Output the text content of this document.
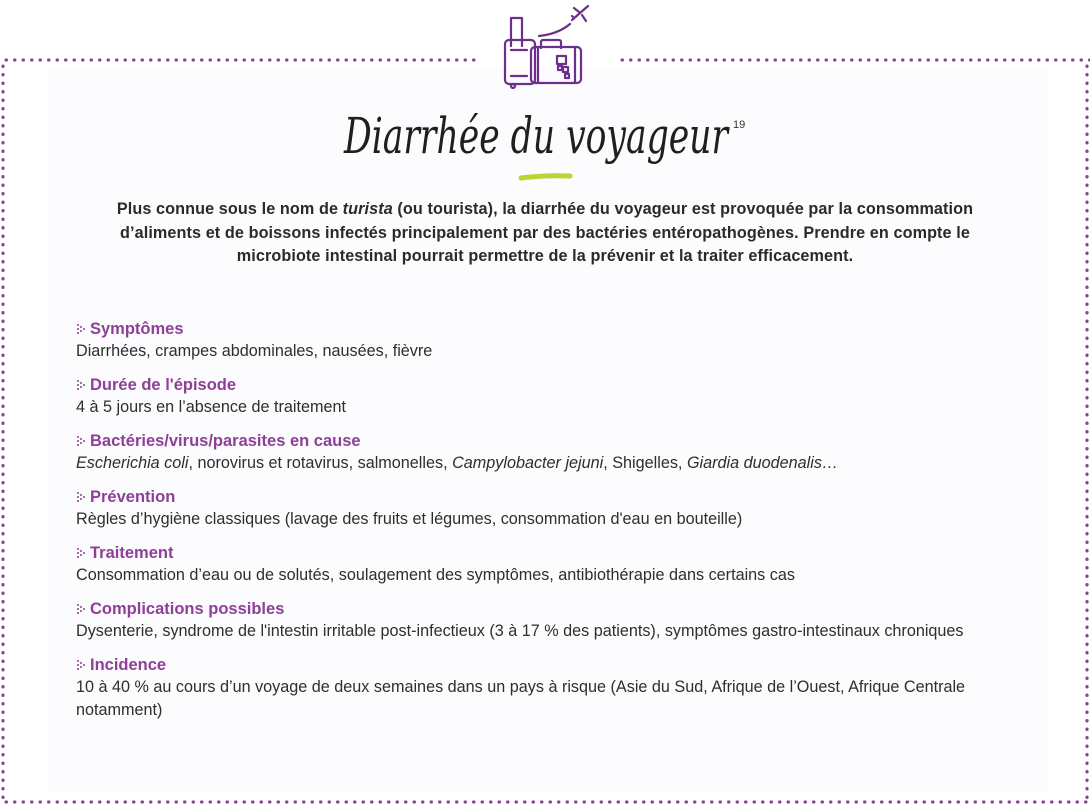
Diarrhée du voyageur 19
Plus connue sous le nom de turista (ou tourista), la diarrhée du voyageur est provoquée par la consommation d’aliments et de boissons infectés principalement par des bactéries entéropathogènes. Prendre en compte le microbiote intestinal pourrait permettre de la prévenir et la traiter efficacement.
Symptômes
Diarrhées, crampes abdominales, nausées, fièvre
Durée de l'épisode
4 à 5 jours en l’absence de traitement
Bactéries/virus/parasites en cause
Escherichia coli, norovirus et rotavirus, salmonelles, Campylobacter jejuni, Shigelles, Giardia duodenalis…
Prévention
Règles d’hygiène classiques (lavage des fruits et légumes, consommation d'eau en bouteille)
Traitement
Consommation d’eau ou de solutés, soulagement des symptômes, antibiothérapie dans certains cas
Complications possibles
Dysenterie, syndrome de l'intestin irritable post-infectieux (3 à 17 % des patients), symptômes gastro-intestinaux chroniques
Incidence
10 à 40 % au cours d’un voyage de deux semaines dans un pays à risque (Asie du Sud, Afrique de l’Ouest, Afrique Centrale notamment)
